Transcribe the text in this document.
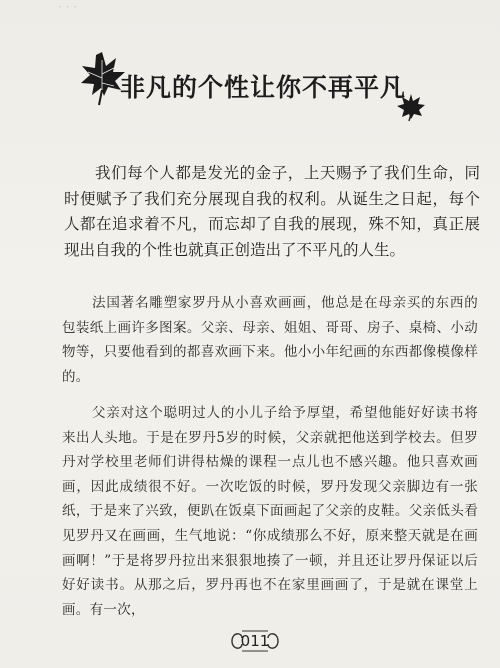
· · ·
非凡的个性让你不再平凡
我们每个人都是发光的金子，上天赐予了我们生命，同时便赋予了我们充分展现自我的权利。从诞生之日起，每个人都在追求着不凡，而忘却了自我的展现，殊不知，真正展现出自我的个性也就真正创造出了不平凡的人生。
法国著名雕塑家罗丹从小喜欢画画，他总是在母亲买的东西的包装纸上画许多图案。父亲、母亲、姐姐、哥哥、房子、桌椅、小动物等，只要他看到的都喜欢画下来。他小小年纪画的东西都像模像样的。
父亲对这个聪明过人的小儿子给予厚望，希望他能好好读书将来出人头地。于是在罗丹5岁的时候，父亲就把他送到学校去。但罗丹对学校里老师们讲得枯燥的课程一点儿也不感兴趣。他只喜欢画画，因此成绩很不好。一次吃饭的时候，罗丹发现父亲脚边有一张纸，于是来了兴致，便趴在饭桌下面画起了父亲的皮鞋。父亲低头看见罗丹又在画画，生气地说：“你成绩那么不好，原来整天就是在画画啊！”于是将罗丹拉出来狠狠地揍了一顿，并且还让罗丹保证以后好好读书。从那之后，罗丹再也不在家里画画了，于是就在课堂上画。有一次，
011
